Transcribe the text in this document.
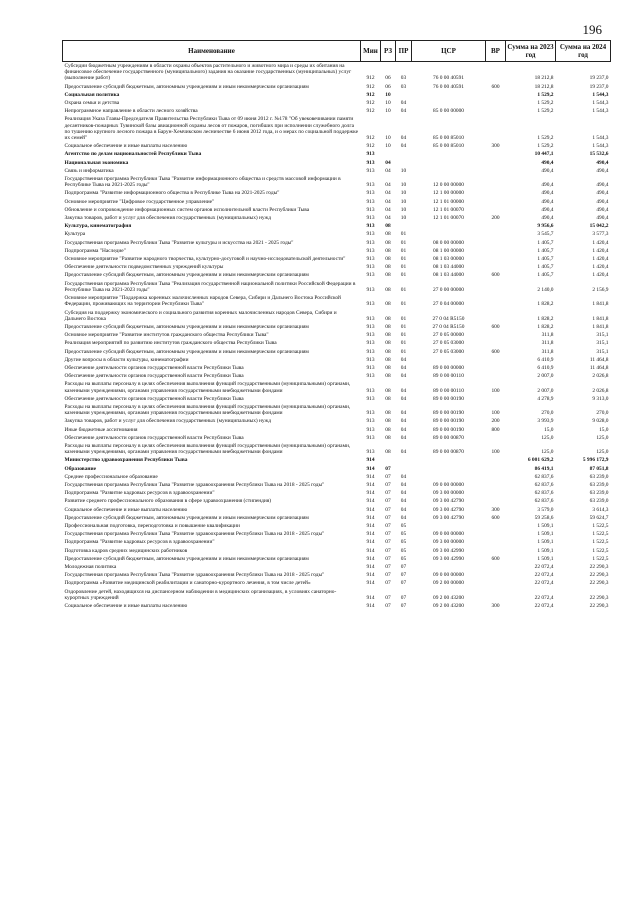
196
Наименование	Мин	РЗ	ПР	ЦСР	ВР	Сумма на 2023 год	Сумма на 2024 год
Субсидии бюджетным учреждениям в области охраны объектов растительного и животного мира и среды их обитания на финансовое обеспечение государственного (муниципального) задания на оказание государственных (муниципальных) услуг (выполнение работ)	912	06	03	76 0 00 40591		18 212,8	19 237,0
Предоставление субсидий бюджетным, автономным учреждениям и иным некоммерческим организациям	912	06	03	76 0 00 40591	600	18 212,8	19 237,0
Социальная политика	912	10				1 529,2	1 544,3
Охрана семьи и детства	912	10	04			1 529,2	1 544,3
Непрограммное направление в области лесного хозяйства	912	10	04	85 0 00 00000		1 529,2	1 544,3
Реализация Указа Главы-Председателя Правительства Республики Тыва от 09 июня 2012 г. №178 "Об увековечивании памяти десантников-пожарных Тувинской базы авиационной охраны лесов от пожаров, погибших при исполнении служебного долга по тушению крупного лесного пожара в Барун-Хемчикском лесничестве 6 июня 2012 года, и о мерах по социальной поддержке их семей"	912	10	04	85 0 00 85010		1 529,2	1 544,3
Социальное обеспечение и иные выплаты населению	912	10	04	85 0 00 85010	300	1 529,2	1 544,3
Агентство по делам национальностей Республики Тыва	913					10 447,1	15 532,6
Национальная экономика	913	04				490,4	490,4
Связь и информатика	913	04	10			490,4	490,4
Государственная программа Республики Тыва "Развитие информационного общества и средств массовой информации в Республике Тыва на 2021-2025 годы"	913	04	10	12 0 00 00000		490,4	490,4
Подпрограмма "Развитие информационного общества в Республике Тыва на 2021-2025 годы"	913	04	10	12 1 00 00000		490,4	490,4
Основное мероприятие "Цифровое государственное управление"	913	04	10	12 1 01 00000		490,4	490,4
Обновление и сопровождение информационных систем органов исполнительной власти Республики Тыва	913	04	10	12 1 01 00070		490,4	490,4
Закупка товаров, работ и услуг для обеспечения государственных (муниципальных) нужд	913	04	10	12 1 01 00070	200	490,4	490,4
Культура, кинематография	913	08				9 956,6	15 042,2
Культура	913	08	01			3 545,7	3 577,3
Государственная программа Республики Тыва "Развитие культуры и искусства на 2021 - 2025 годы"	913	08	01	08 0 00 00000		1 405,7	1 420,4
Подпрограмма "Наследие"	913	08	01	08 1 00 00000		1 405,7	1 420,4
Основное мероприятие "Развитие народного творчества, культурно-досуговой и научно-исследовательской деятельности"	913	08	01	08 1 03 00000		1 405,7	1 420,4
Обеспечение деятельности подведомственных учреждений культуры	913	08	01	08 1 03 44000		1 405,7	1 420,4
Предоставление субсидий бюджетным, автономным учреждениям и иным некоммерческим организациям	913	08	01	08 1 03 44000	600	1 405,7	1 420,4
Государственная программа Республики Тыва "Реализация государственной национальной политики Российской Федерации в Республике Тыва на 2021-2023 годы"	913	08	01	27 0 00 00000		2 140,0	2 156,9
Основное мероприятие "Поддержка коренных малочисленных народов Севера, Сибири и Дальнего Востока Российской Федерации, проживающих на территории Республики Тыва"	913	08	01	27 0 04 00000		1 828,2	1 841,8
Субсидия на поддержку экономического и социального развития коренных малочисленных народов Севера, Сибири и Дальнего Востока	913	08	01	27 0 04 R5150		1 828,2	1 841,8
Предоставление субсидий бюджетным, автономным учреждениям и иным некоммерческим организациям	913	08	01	27 0 04 R5150	600	1 828,2	1 841,8
Основное мероприятие "Развитие институтов гражданского общества Республики Тыва"	913	08	01	27 0 05 00000		311,8	315,1
Реализация мероприятий по развитию институтов гражданского общества Республики Тыва	913	08	01	27 0 05 03000		311,8	315,1
Предоставление субсидий бюджетным, автономным учреждениям и иным некоммерческим организациям	913	08	01	27 0 05 03000	600	311,8	315,1
Другие вопросы в области культуры, кинематографии	913	08	04			6 410,9	11 464,8
Обеспечение деятельности органов государственной власти Республики Тыва	913	08	04	89 0 00 00000		6 410,9	11 464,8
Обеспечение деятельности органов государственной власти Республики Тыва	913	08	04	89 0 00 00110		2 007,0	2 026,8
Расходы на выплаты персоналу в целях обеспечения выполнения функций государственными (муниципальными) органами, казенными учреждениями, органами управления государственными внебюджетными фондами	913	08	04	89 0 00 00110	100	2 007,0	2 026,8
Обеспечение деятельности органов государственной власти Республики Тыва	913	08	04	89 0 00 00190		4 278,9	9 313,0
Расходы на выплаты персоналу в целях обеспечения выполнения функций государственными (муниципальными) органами, казенными учреждениями, органами управления государственными внебюджетными фондами	913	08	04	89 0 00 00190	100	270,0	270,0
Закупка товаров, работ и услуг для обеспечения государственных (муниципальных) нужд	913	08	04	89 0 00 00190	200	3 993,9	9 028,0
Иные бюджетные ассигнования	913	08	04	89 0 00 00190	800	15,0	15,0
Обеспечение деятельности органов государственной власти Республики Тыва	913	08	04	89 0 00 00870		125,0	125,0
Расходы на выплаты персоналу в целях обеспечения выполнения функций государственными (муниципальными) органами, казенными учреждениями, органами управления государственными внебюджетными фондами	913	08	04	89 0 00 00870	100	125,0	125,0
Министерство здравоохранения Республики Тыва	914					6 001 629,2	5 996 172,9
Образование	914	07				86 419,1	87 051,8
Среднее профессиональное образование	914	07	04			62 837,6	63 239,0
Государственная программа Республики Тыва "Развитие здравоохранения Республики Тыва на 2018 - 2025 годы"	914	07	04	09 0 00 00000		62 837,6	63 239,0
Подпрограмма "Развитие кадровых ресурсов в здравоохранении"	914	07	04	09 3 00 00000		62 837,6	63 239,0
Развитие среднего профессионального образования в сфере здравоохранения (стипендия)	914	07	04	09 3 00 42790		62 837,6	63 239,0
Социальное обеспечение и иные выплаты населению	914	07	04	09 3 00 42790	300	3 579,0	3 614,3
Предоставление субсидий бюджетным, автономным учреждениям и иным некоммерческим организациям	914	07	04	09 3 00 42790	600	59 258,6	59 624,7
Профессиональная подготовка, переподготовка и повышение квалификации	914	07	05			1 509,1	1 522,5
Государственная программа Республики Тыва "Развитие здравоохранения Республики Тыва на 2018 - 2025 годы"	914	07	05	09 0 00 00000		1 509,1	1 522,5
Подпрограмма "Развитие кадровых ресурсов в здравоохранении"	914	07	05	09 3 00 00000		1 509,1	1 522,5
Подготовка кадров средних медицинских работников	914	07	05	09 3 00 42990		1 509,1	1 522,5
Предоставление субсидий бюджетным, автономным учреждениям и иным некоммерческим организациям	914	07	05	09 3 00 42990	600	1 509,1	1 522,5
Молодежная политика	914	07	07			22 072,4	22 290,3
Государственная программа Республики Тыва "Развитие здравоохранения Республики Тыва на 2018 - 2025 годы"	914	07	07	09 0 00 00000		22 072,4	22 290,3
Подпрограмма «Развитие медицинской реабилитации и санаторно-курортного лечения, в том числе детей»	914	07	07	09 2 00 00000		22 072,4	22 290,3
Оздоровление детей, находящихся на диспансерном наблюдении в медицинских организациях, в условиях санаторно-курортных учреждений	914	07	07	09 2 00 43200		22 072,4	22 290,3
Социальное обеспечение и иные выплаты населению	914	07	07	09 2 00 43200	300	22 072,4	22 290,3
